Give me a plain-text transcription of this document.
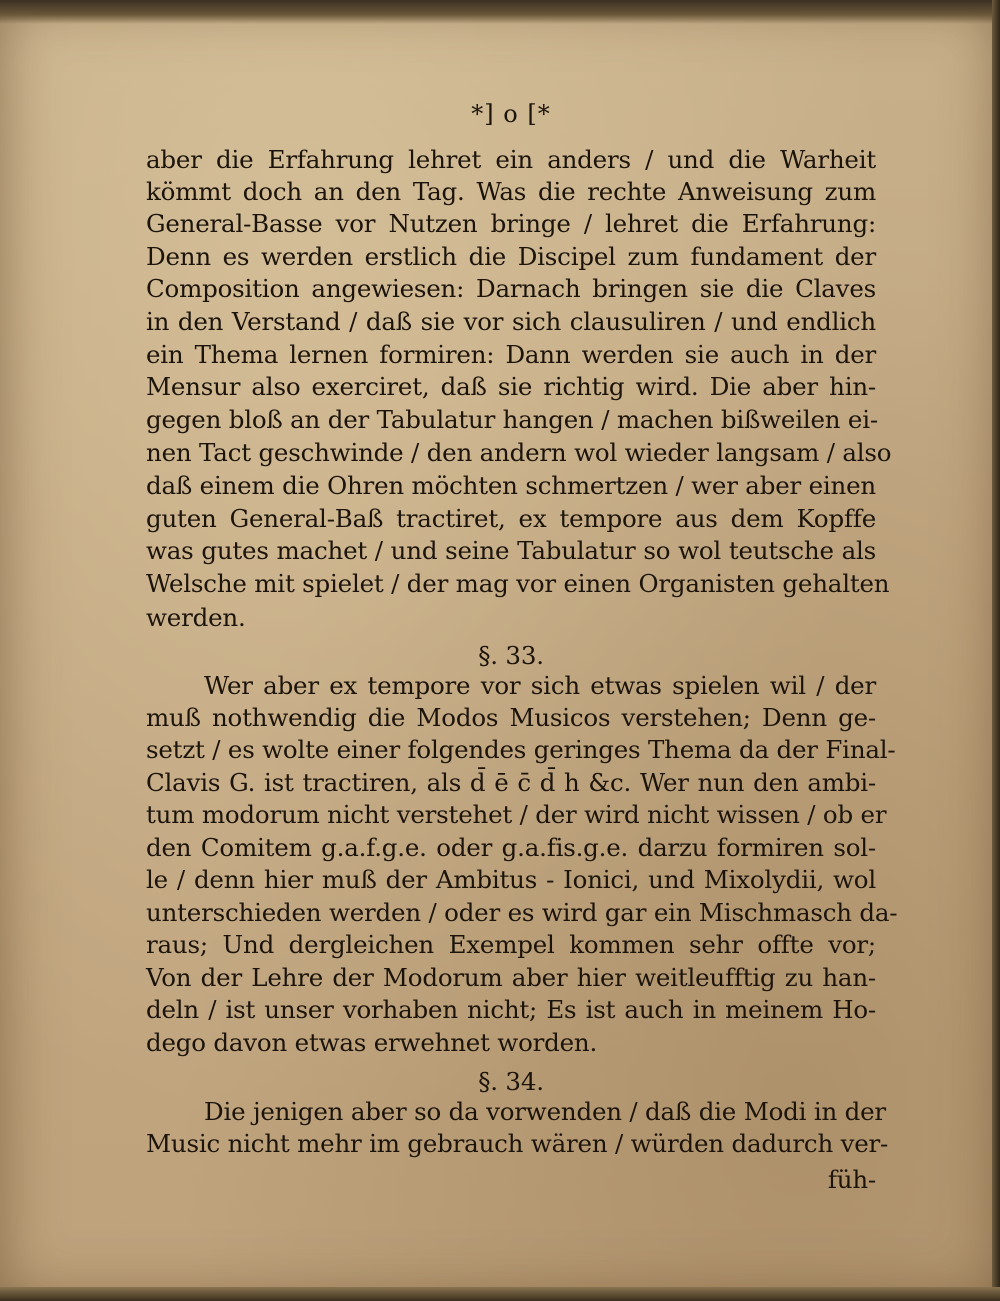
*] o [*
aber die Erfahrung lehret ein anders / und die Warheit
kömmt doch an den Tag. Was die rechte Anweisung zum
General-Basse vor Nutzen bringe / lehret die Erfahrung:
Denn es werden erstlich die Discipel zum fundament der
Composition angewiesen: Darnach bringen sie die Claves
in den Verstand / daß sie vor sich clausuliren / und endlich
ein Thema lernen formiren: Dann werden sie auch in der
Mensur also exerciret, daß sie richtig wird. Die aber hin-
gegen bloß an der Tabulatur hangen / machen bißweilen ei-
nen Tact geschwinde / den andern wol wieder langsam / also
daß einem die Ohren möchten schmertzen / wer aber einen
guten General-Baß tractiret, ex tempore aus dem Kopffe
was gutes machet / und seine Tabulatur so wol teutsche als
Welsche mit spielet / der mag vor einen Organisten gehalten
werden.
§. 33.
Wer aber ex tempore vor sich etwas spielen wil / der
muß nothwendig die Modos Musicos verstehen; Denn ge-
setzt / es wolte einer folgendes geringes Thema da der Final-
Clavis G. ist tractiren, als d̄ ē c̄ d̄ h &c. Wer nun den ambi-
tum modorum nicht verstehet / der wird nicht wissen / ob er
den Comitem g.a.f.g.e. oder g.a.fis.g.e. darzu formiren sol-
le / denn hier muß der Ambitus - Ionici, und Mixolydii, wol
unterschieden werden / oder es wird gar ein Mischmasch da-
raus; Und dergleichen Exempel kommen sehr offte vor;
Von der Lehre der Modorum aber hier weitleufftig zu han-
deln / ist unser vorhaben nicht; Es ist auch in meinem Ho-
dego davon etwas erwehnet worden.
§. 34.
Die jenigen aber so da vorwenden / daß die Modi in der
Music nicht mehr im gebrauch wären / würden dadurch ver-
füh-
